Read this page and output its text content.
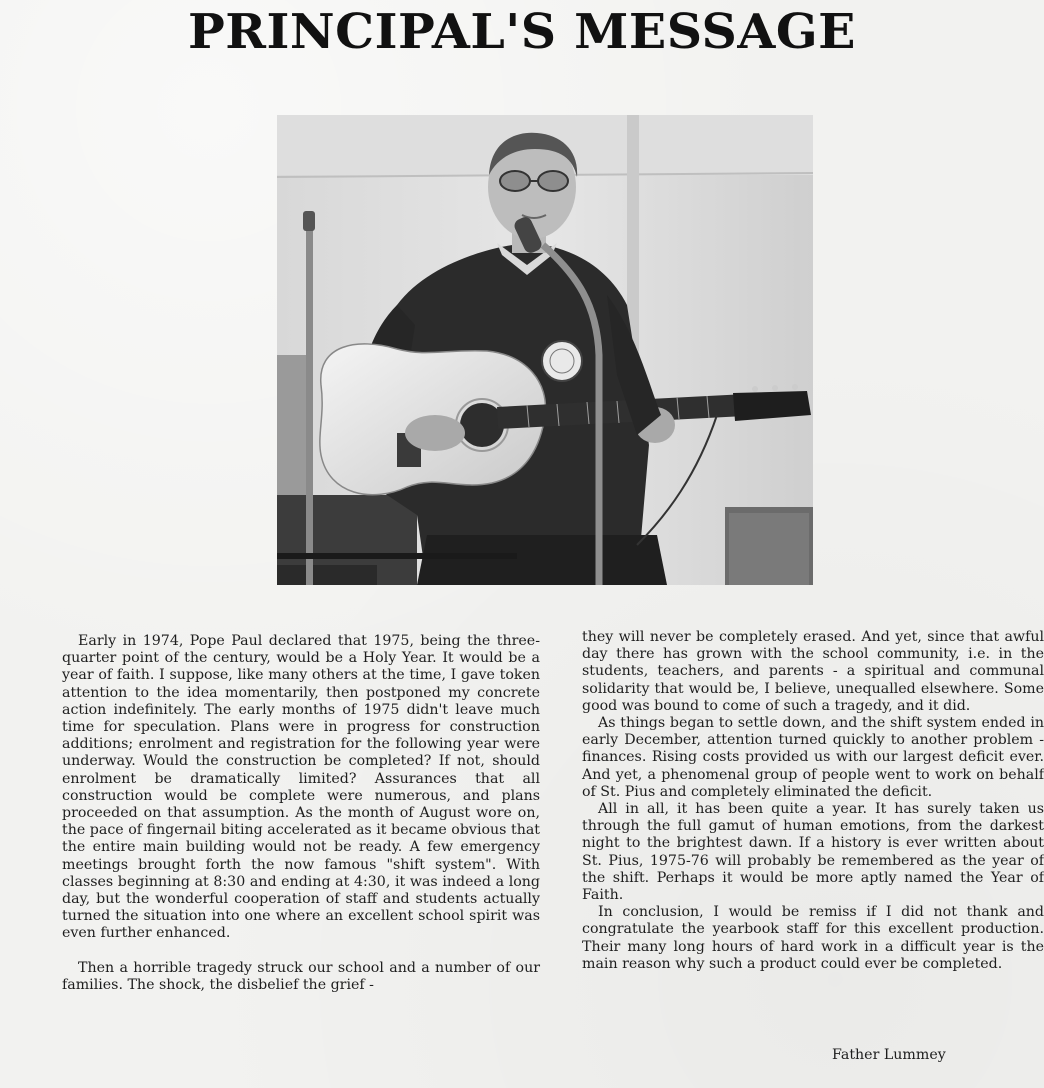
PRINCIPAL'S MESSAGE

Early in 1974, Pope Paul declared that 1975, being the three-quarter point of the century, would be a Holy Year. It would be a year of faith. I suppose, like many others at the time, I gave token attention to the idea momentarily, then postponed my concrete action indefinitely. The early months of 1975 didn't leave much time for speculation. Plans were in progress for construction additions; enrolment and registration for the following year were underway. Would the construction be completed? If not, should enrolment be dramatically limited? Assurances that all construction would be complete were numerous, and plans proceeded on that assumption. As the month of August wore on, the pace of fingernail biting accelerated as it became obvious that the entire main building would not be ready. A few emergency meetings brought forth the now famous "shift system". With classes beginning at 8:30 and ending at 4:30, it was indeed a long day, but the wonderful cooperation of staff and students actually turned the situation into one where an excellent school spirit was even further enhanced.

Then a horrible tragedy struck our school and a number of our families. The shock, the disbelief the grief -

they will never be completely erased. And yet, since that awful day there has grown with the school community, i.e. in the students, teachers, and parents - a spiritual and communal solidarity that would be, I believe, unequalled elsewhere. Some good was bound to come of such a tragedy, and it did.

As things began to settle down, and the shift system ended in early December, attention turned quickly to another problem - finances. Rising costs provided us with our largest deficit ever. And yet, a phenomenal group of people went to work on behalf of St. Pius and completely eliminated the deficit.

All in all, it has been quite a year. It has surely taken us through the full gamut of human emotions, from the darkest night to the brightest dawn. If a history is ever written about St. Pius, 1975-76 will probably be remembered as the year of the shift. Perhaps it would be more aptly named the Year of Faith.

In conclusion, I would be remiss if I did not thank and congratulate the yearbook staff for this excellent production. Their many long hours of hard work in a difficult year is the main reason why such a product could ever be completed.

Father Lummey
